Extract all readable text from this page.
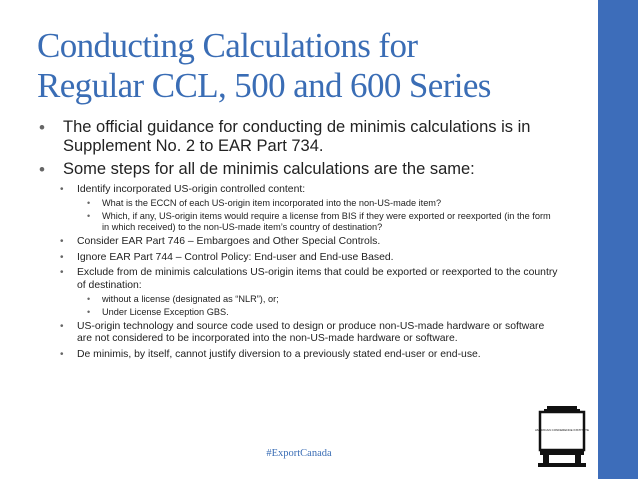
Conducting Calculations for
Regular CCL, 500 and 600 Series
• The official guidance for conducting de minimis calculations is in Supplement No. 2 to EAR Part 734.
• Some steps for all de minimis calculations are the same:
• Identify incorporated US-origin controlled content:
• What is the ECCN of each US-origin item incorporated into the non-US-made item?
• Which, if any, US-origin items would require a license from BIS if they were exported or reexported (in the form in which received) to the non-US-made item’s country of destination?
• Consider EAR Part 746 – Embargoes and Other Special Controls.
• Ignore EAR Part 744 – Control Policy: End-user and End-use Based.
• Exclude from de minimis calculations US-origin items that could be exported or reexported to the country of destination:
• without a license (designated as “NLR”), or;
• Under License Exception GBS.
• US-origin technology and source code used to design or produce non-US-made hardware or software are not considered to be incorporated into the non-US-made hardware or software.
• De minimis, by itself, cannot justify diversion to a previously stated end-user or end-use.
#ExportCanada
AMERICAN CONFERENCE INSTITUTE
